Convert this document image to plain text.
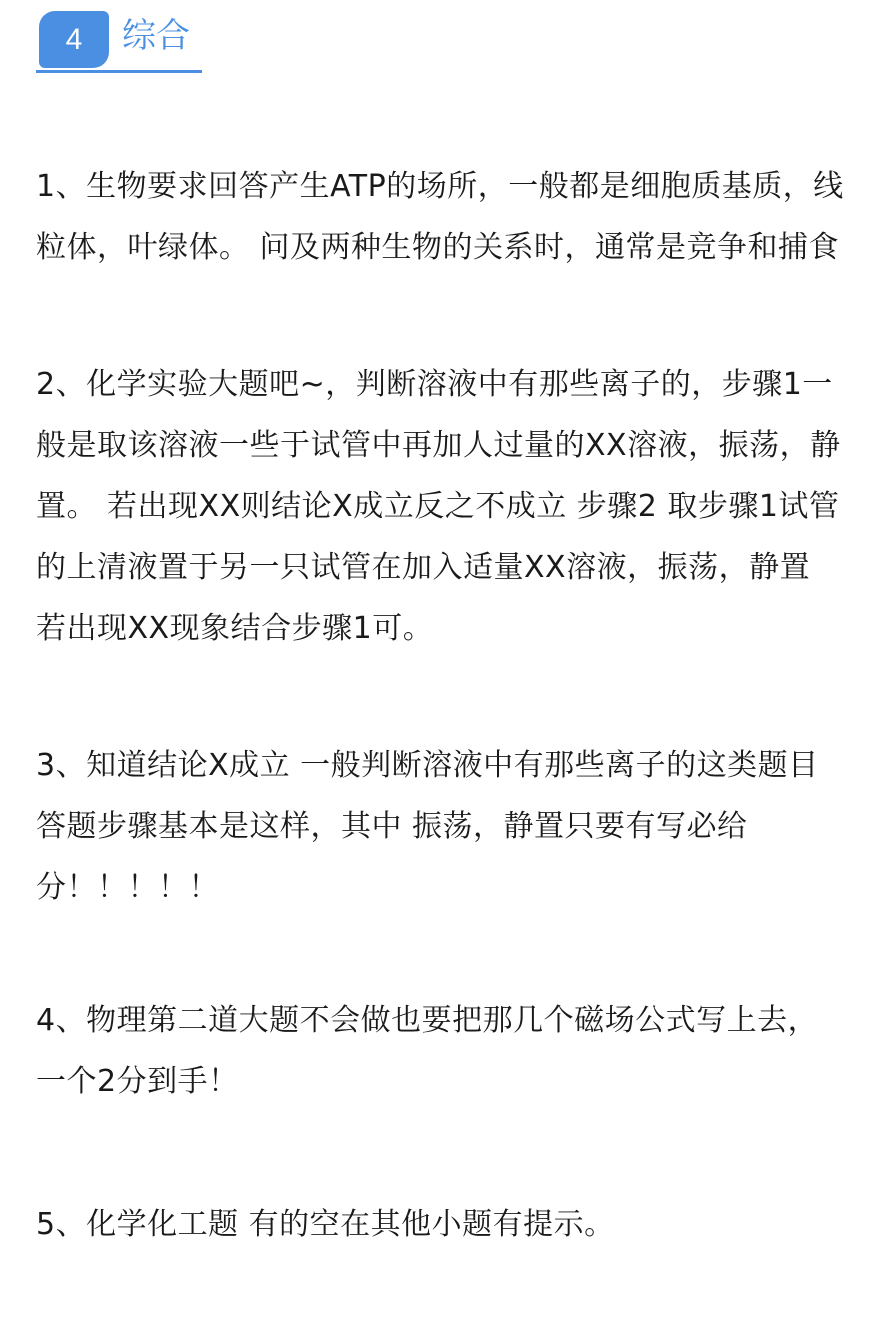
4 综合

1、生物要求回答产生ATP的场所，一般都是细胞质基质，线粒体，叶绿体。 问及两种生物的关系时，通常是竞争和捕食

2、化学实验大题吧~，判断溶液中有那些离子的，步骤1一般是取该溶液一些于试管中再加人过量的XX溶液，振荡，静置。 若出现XX则结论X成立反之不成立 步骤2 取步骤1试管的上清液置于另一只试管在加入适量XX溶液，振荡，静置 若出现XX现象结合步骤1可。

3、知道结论X成立 一般判断溶液中有那些离子的这类题目答题步骤基本是这样，其中 振荡，静置只要有写必给分！！！！！

4、物理第二道大题不会做也要把那几个磁场公式写上去，一个2分到手！

5、化学化工题 有的空在其他小题有提示。
